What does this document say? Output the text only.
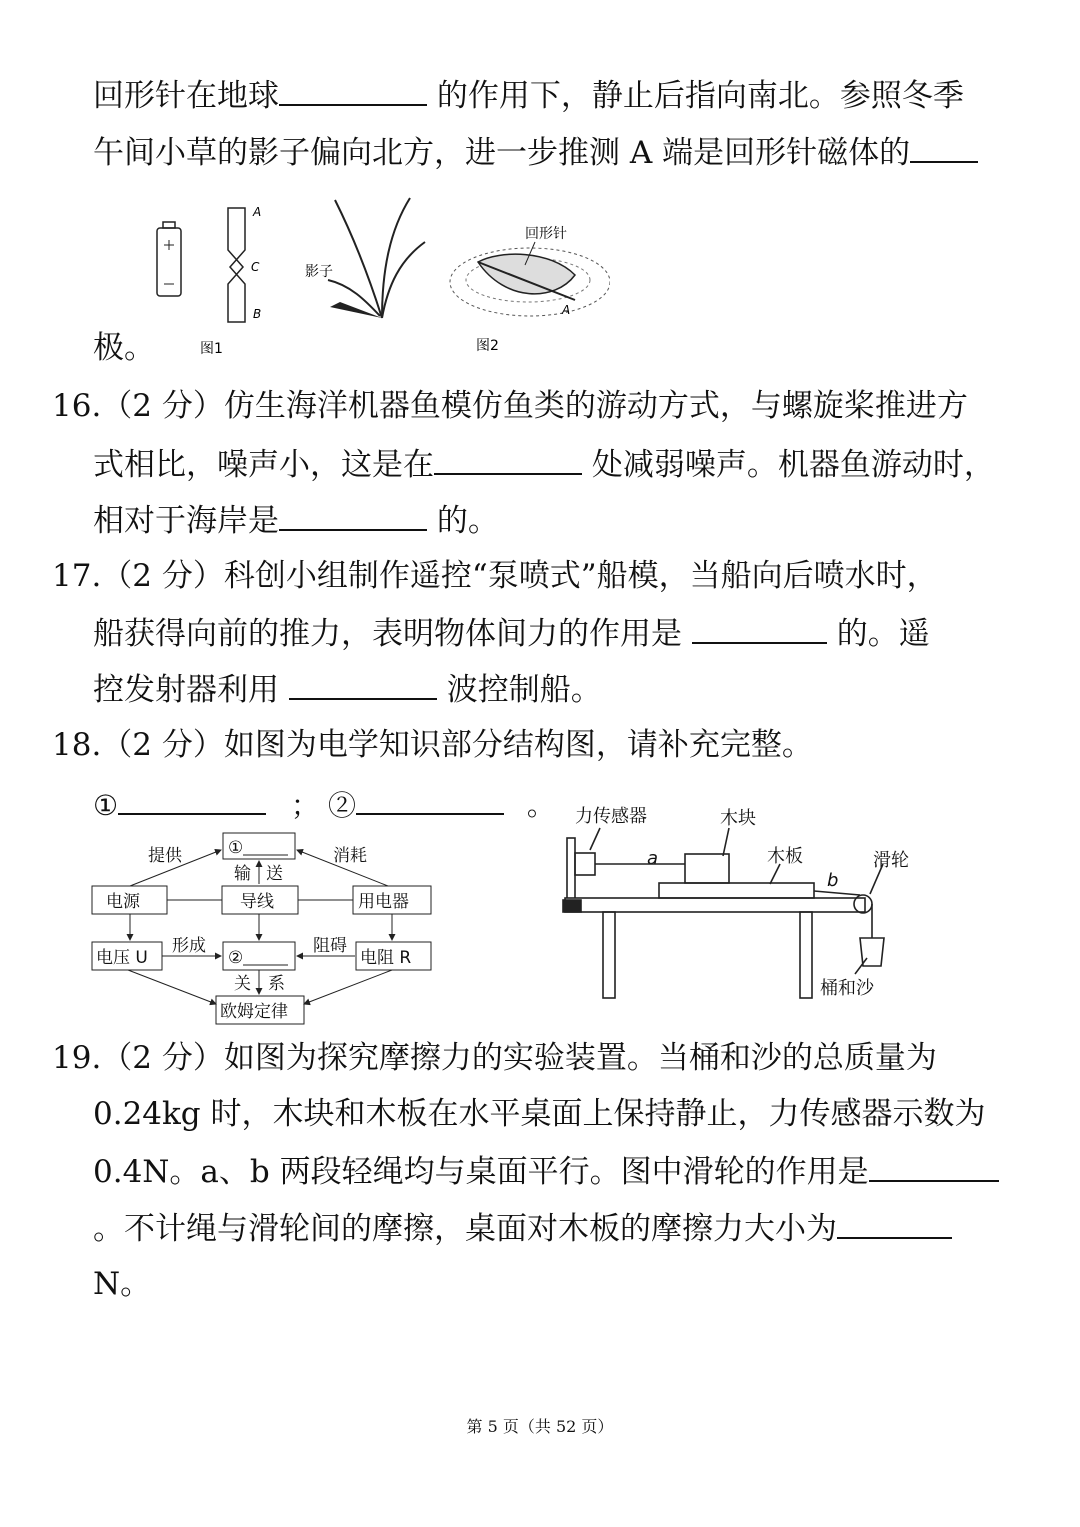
回形针在地球	的作用下，静止后指向南北。参照冬季
午间小草的影子偏向北方，进一步推测 A 端是回形针磁体的
极。
A
C
B
图1
影子
回形针
A
图2
16.（2 分）仿生海洋机器鱼模仿鱼类的游动方式，与螺旋桨推进方
式相比，噪声小，这是在	处减弱噪声。机器鱼游动时，
相对于海岸是	的。
17.（2 分）科创小组制作遥控“泵喷式”船模，当船向后喷水时，
船获得向前的推力，表明物体间力的作用是	的。遥
控发射器利用	波控制船。
18.（2 分）如图为电学知识部分结构图，请补充完整。
①	； ②	。
①
提供	消耗
输 送
电源	导线	用电器
电压 U
形成
②
阻碍
电阻 R
关 系
欧姆定律
力传感器	木块
木板	滑轮
a
b
桶和沙
19.（2 分）如图为探究摩擦力的实验装置。当桶和沙的总质量为
0.24kg 时，木块和木板在水平桌面上保持静止，力传感器示数为
0.4N。a、b 两段轻绳均与桌面平行。图中滑轮的作用是
。不计绳与滑轮间的摩擦，桌面对木板的摩擦力大小为
N。
第 5 页（共 52 页）
